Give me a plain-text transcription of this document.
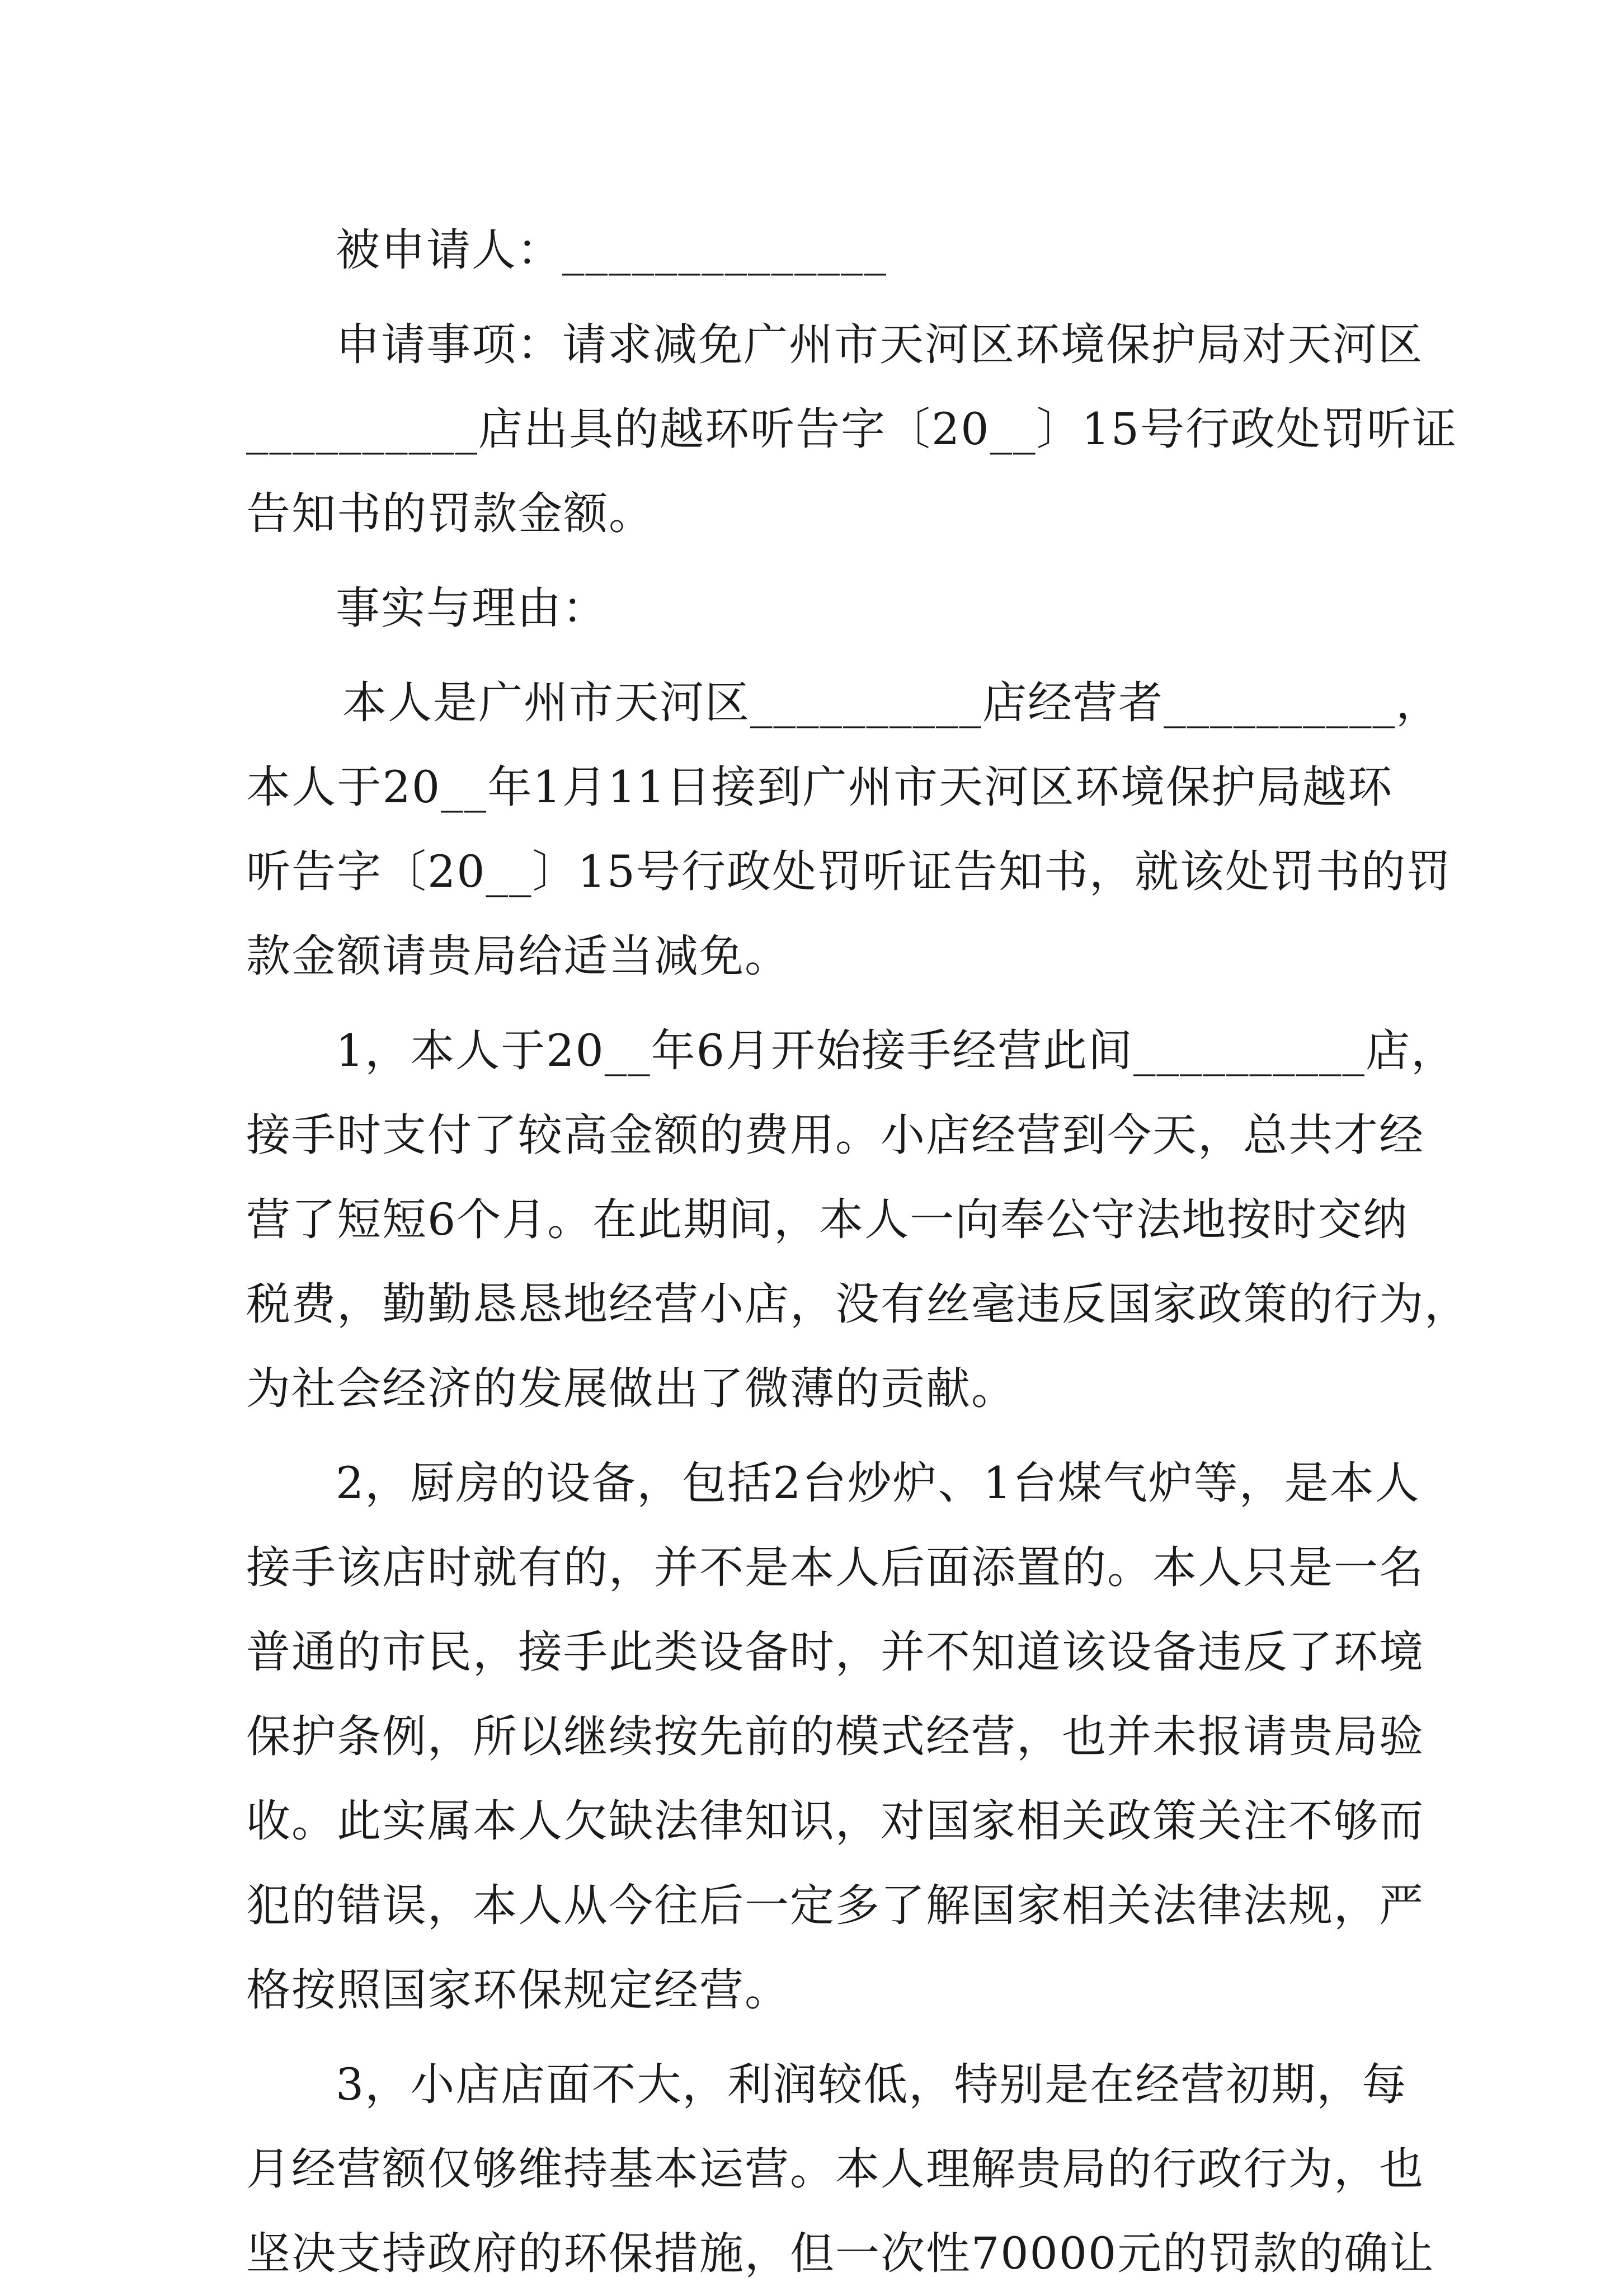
被申请人：______________
申请事项：请求减免广州市天河区环境保护局对天河区
__________店出具的越环听告字〔20__〕15号行政处罚听证
告知书的罚款金额。
事实与理由：
本人是广州市天河区__________店经营者__________，
本人于20__年1月11日接到广州市天河区环境保护局越环
听告字〔20__〕15号行政处罚听证告知书，就该处罚书的罚
款金额请贵局给适当减免。
1，本人于20__年6月开始接手经营此间__________店，
接手时支付了较高金额的费用。小店经营到今天，总共才经
营了短短6个月。在此期间，本人一向奉公守法地按时交纳
税费，勤勤恳恳地经营小店，没有丝毫违反国家政策的行为，
为社会经济的发展做出了微薄的贡献。
2，厨房的设备，包括2台炒炉、1台煤气炉等，是本人
接手该店时就有的，并不是本人后面添置的。本人只是一名
普通的市民，接手此类设备时，并不知道该设备违反了环境
保护条例，所以继续按先前的模式经营，也并未报请贵局验
收。此实属本人欠缺法律知识，对国家相关政策关注不够而
犯的错误，本人从今往后一定多了解国家相关法律法规，严
格按照国家环保规定经营。
3，小店店面不大，利润较低，特别是在经营初期，每
月经营额仅够维持基本运营。本人理解贵局的行政行为，也
坚决支持政府的环保措施，但一次性70000元的罚款的确让
